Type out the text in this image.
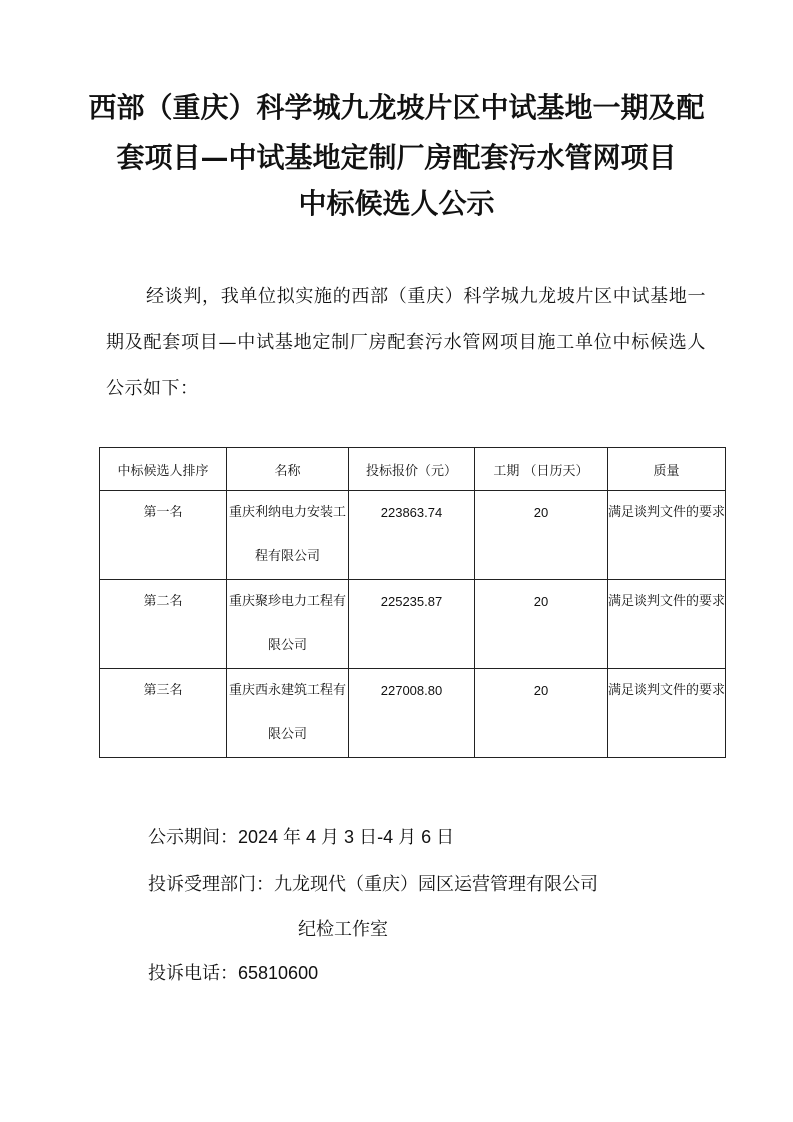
西部（重庆）科学城九龙坡片区中试基地一期及配
套项目—中试基地定制厂房配套污水管网项目
中标候选人公示
经谈判，我单位拟实施的西部（重庆）科学城九龙坡片区中试基地一期及配套项目—中试基地定制厂房配套污水管网项目施工单位中标候选人公示如下：
中标候选人排序	名称	投标报价（元）	工期 （日历天）	质量

第一名	重庆利纳电力安装工程有限公司	223863.74	20	满足谈判文件的要求

第二名	重庆聚珍电力工程有限公司	225235.87	20	满足谈判文件的要求

第三名	重庆西永建筑工程有限公司	227008.80	20	满足谈判文件的要求
公示期间：2024 年 4 月 3 日-4 月 6 日
投诉受理部门：九龙现代（重庆）园区运营管理有限公司
纪检工作室
投诉电话：65810600
